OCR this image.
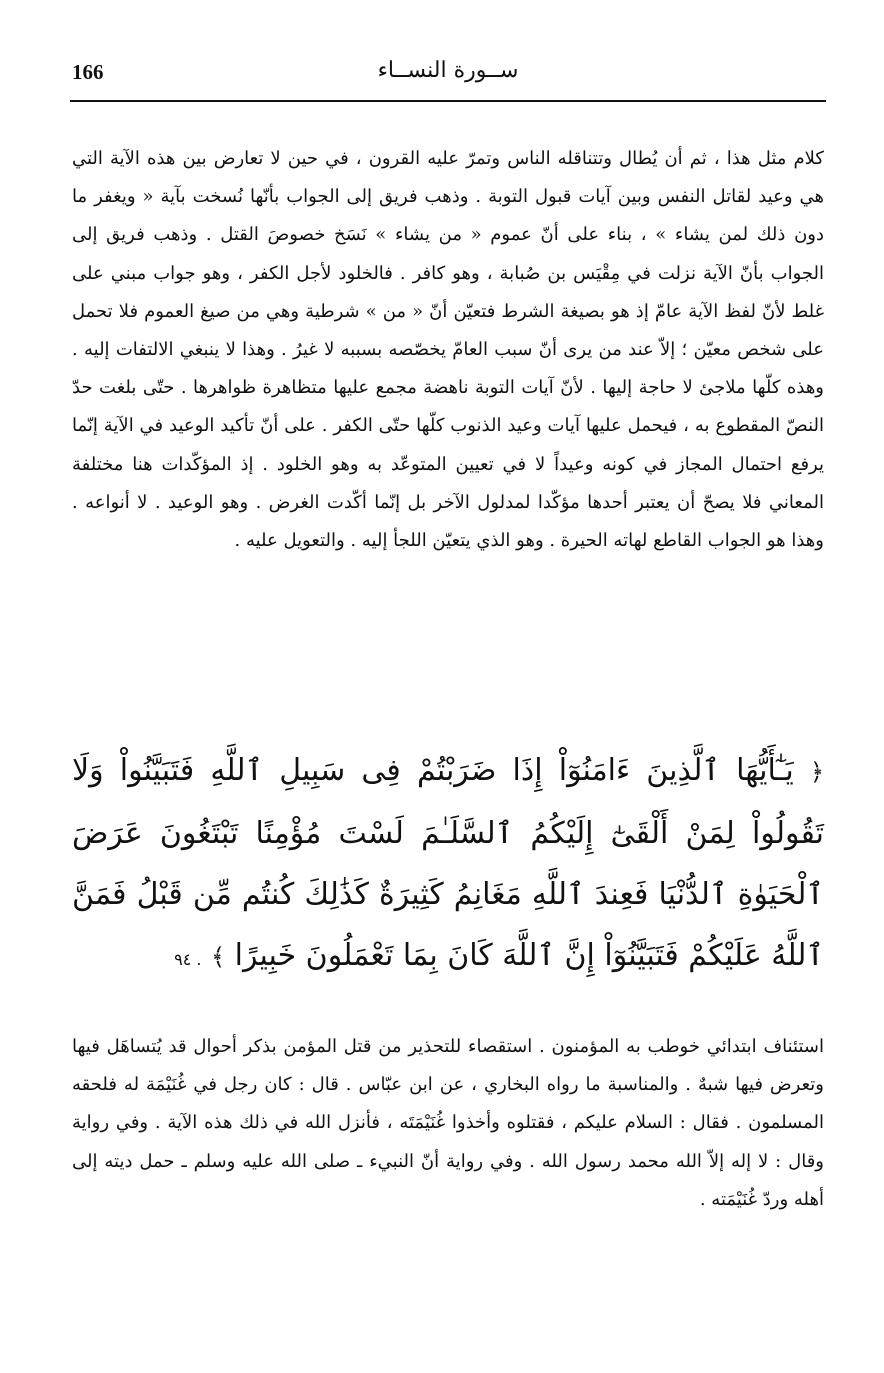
166	ســورة النســاء

كلام مثل هذا ، ثم أن يُطال وتتناقله الناس وتمرّ عليه القرون ، في حين لا تعارض بين هذه الآية التي هي وعيد لقاتل النفس وبين آيات قبول التوبة . وذهب فريق إلى الجواب بأنّها نُسخت بآية « ويغفر ما دون ذلك لمن يشاء » ، بناء على أنّ عموم « من يشاء » نَسَخ خصوصَ القتل . وذهب فريق إلى الجواب بأنّ الآية نزلت في مِقْيَس بن صُبابة ، وهو كافر . فالخلود لأجل الكفر ، وهو جواب مبني على غلط لأنّ لفظ الآية عامّ إذ هو بصيغة الشرط فتعيّن أنّ « من » شرطية وهي من صيغ العموم فلا تحمل على شخص معيّن ؛ إلاّ عند من يرى أنّ سبب العامّ يخصّصه بسببه لا غيرُ . وهذا لا ينبغي الالتفات إليه . وهذه كلّها ملاجئ لا حاجة إليها . لأنّ آيات التوبة ناهضة مجمع عليها متظاهرة ظواهرها . حتّى بلغت حدّ النصّ المقطوع به ، فيحمل عليها آيات وعيد الذنوب كلّها حتّى الكفر . على أنّ تأكيد الوعيد في الآية إنّما يرفع احتمال المجاز في كونه وعيداً لا في تعيين المتوعّد به وهو الخلود . إذ المؤكّدات هنا مختلفة المعاني فلا يصحّ أن يعتبر أحدها مؤكّدا لمدلول الآخر بل إنّما أكّدت الغرض . وهو الوعيد . لا أنواعه . وهذا هو الجواب القاطع لهاته الحيرة . وهو الذي يتعيّن اللجأ إليه . والتعويل عليه .

﴿ يَـٰٓأَيُّهَا ٱلَّذِينَ ءَامَنُوٓاْ إِذَا ضَرَبْتُمْ فِى سَبِيلِ ٱللَّهِ فَتَبَيَّنُواْ وَلَا تَقُولُواْ لِمَنْ أَلْقَىٰٓ إِلَيْكُمُ ٱلسَّلَـٰمَ لَسْتَ مُؤْمِنًا تَبْتَغُونَ عَرَضَ ٱلْحَيَوٰةِ ٱلدُّنْيَا فَعِندَ ٱللَّهِ مَغَانِمُ كَثِيرَةٌ كَذَٰلِكَ كُنتُم مِّن قَبْلُ فَمَنَّ ٱللَّهُ عَلَيْكُمْ فَتَبَيَّنُوٓاْ إِنَّ ٱللَّهَ كَانَ بِمَا تَعْمَلُونَ خَبِيرًا ﴾ . ٩٤

استئناف ابتدائي خوطب به المؤمنون . استقصاء للتحذير من قتل المؤمن بذكر أحوال قد يُتساهَل فيها وتعرض فيها شبهٌ . والمناسبة ما رواه البخاري ، عن ابن عبّاس . قال : كان رجل في غُنَيْمَة له فلحقه المسلمون . فقال : السلام عليكم ، فقتلوه وأخذوا غُنَيْمَتَه ، فأنزل الله في ذلك هذه الآية . وفي رواية وقال : لا إله إلاّ الله محمد رسول الله . وفي رواية أنّ النبيء ـ صلى الله عليه وسلم ـ حمل ديته إلى أهله وردّ غُنَيْمَته .
